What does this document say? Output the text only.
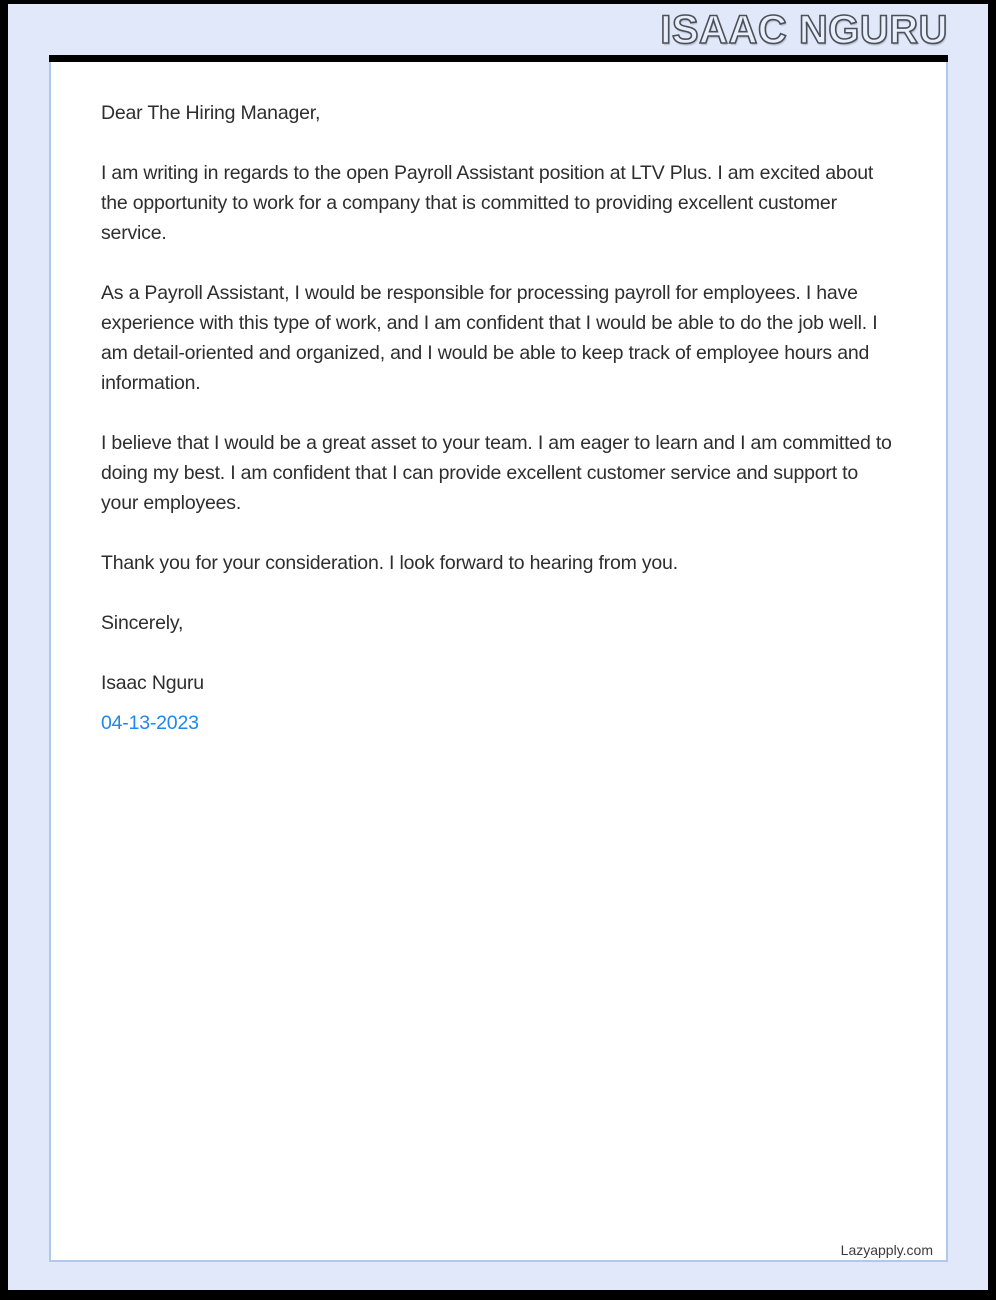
ISAAC NGURU

Dear The Hiring Manager,

I am writing in regards to the open Payroll Assistant position at LTV Plus. I am excited about the opportunity to work for a company that is committed to providing excellent customer service.

As a Payroll Assistant, I would be responsible for processing payroll for employees. I have experience with this type of work, and I am confident that I would be able to do the job well. I am detail-oriented and organized, and I would be able to keep track of employee hours and information.

I believe that I would be a great asset to your team. I am eager to learn and I am committed to doing my best. I am confident that I can provide excellent customer service and support to your employees.

Thank you for your consideration. I look forward to hearing from you.

Sincerely,

Isaac Nguru

04-13-2023

Lazyapply.com
